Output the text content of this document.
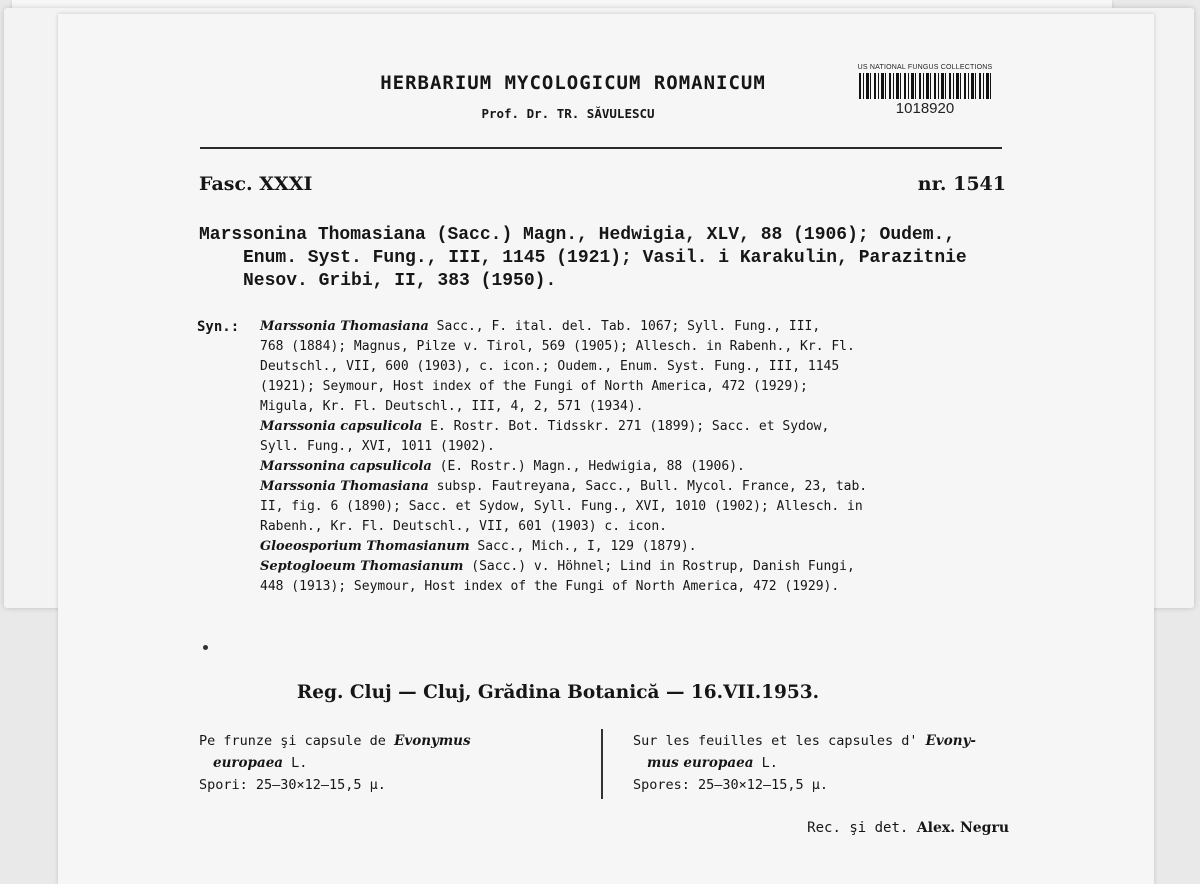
HERBARIUM MYCOLOGICUM ROMANICUM
Prof. Dr. TR. SĂVULESCU
US NATIONAL FUNGUS COLLECTIONS
1018920
Fasc. XXXI	nr. 1541
Marssonina Thomasiana (Sacc.) Magn., Hedwigia, XLV, 88 (1906); Oudem.,
Enum. Syst. Fung., III, 1145 (1921); Vasil. i Karakulin, Parazitnie
Nesov. Gribi, II, 383 (1950).
Syn.: Marssonia Thomasiana Sacc., F. ital. del. Tab. 1067; Syll. Fung., III,
768 (1884); Magnus, Pilze v. Tirol, 569 (1905); Allesch. in Rabenh., Kr. Fl.
Deutschl., VII, 600 (1903), c. icon.; Oudem., Enum. Syst. Fung., III, 1145
(1921); Seymour, Host index of the Fungi of North America, 472 (1929);
Migula, Kr. Fl. Deutschl., III, 4, 2, 571 (1934).
Marssonia capsulicola E. Rostr. Bot. Tidsskr. 271 (1899); Sacc. et Sydow,
Syll. Fung., XVI, 1011 (1902).
Marssonina capsulicola (E. Rostr.) Magn., Hedwigia, 88 (1906).
Marssonia Thomasiana subsp. Fautreyana, Sacc., Bull. Mycol. France, 23, tab.
II, fig. 6 (1890); Sacc. et Sydow, Syll. Fung., XVI, 1010 (1902); Allesch. in
Rabenh., Kr. Fl. Deutschl., VII, 601 (1903) c. icon.
Gloeosporium Thomasianum Sacc., Mich., I, 129 (1879).
Septogloeum Thomasianum (Sacc.) v. Höhnel; Lind in Rostrup, Danish Fungi,
448 (1913); Seymour, Host index of the Fungi of North America, 472 (1929).
Reg. Cluj — Cluj, Grădina Botanică — 16.VII.1953.
Pe frunze şi capsule de Evonymus
europaea L.
Spori: 25—30×12—15,5 µ.
Sur les feuilles et les capsules d' Evony-
mus europaea L.
Spores: 25—30×12—15,5 µ.
Rec. şi det. Alex. Negru
